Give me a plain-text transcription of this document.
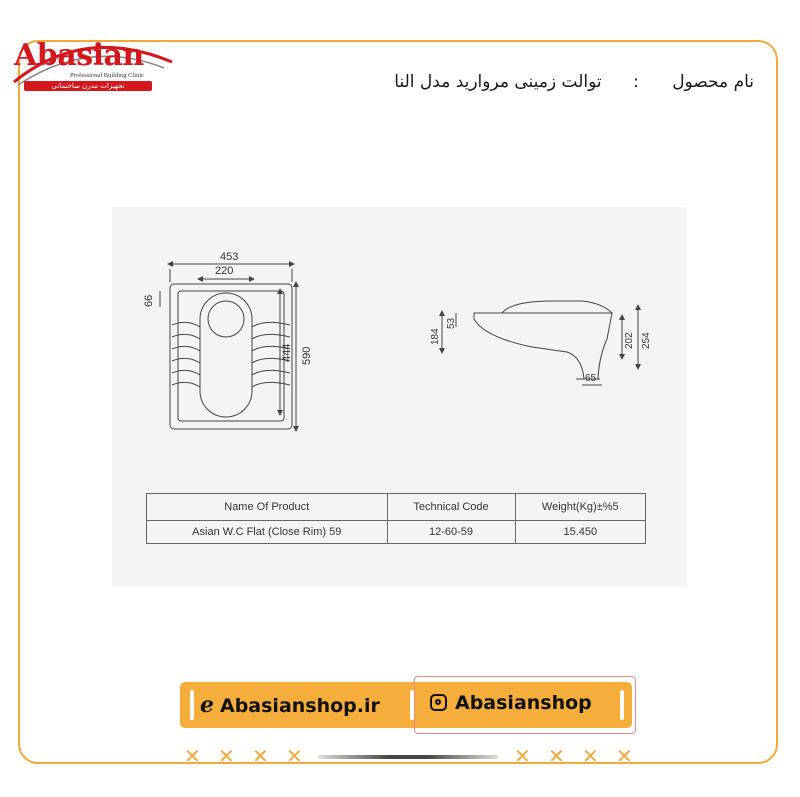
Abasian
Professional Building Clinic
تجهیزات مدرن ساختمانی	نام محصول : توالت زمینی مروارید مدل النا
453
220
66
444 590
184
53
65
202 254
Name Of Product	Technical Code	Weight(Kg)±%5
Asian W.C Flat (Close Rim) 59	12-60-59	15.450
e Abasianshop.ir	Abasianshop
✕ ✕ ✕ ✕	✕ ✕ ✕ ✕
